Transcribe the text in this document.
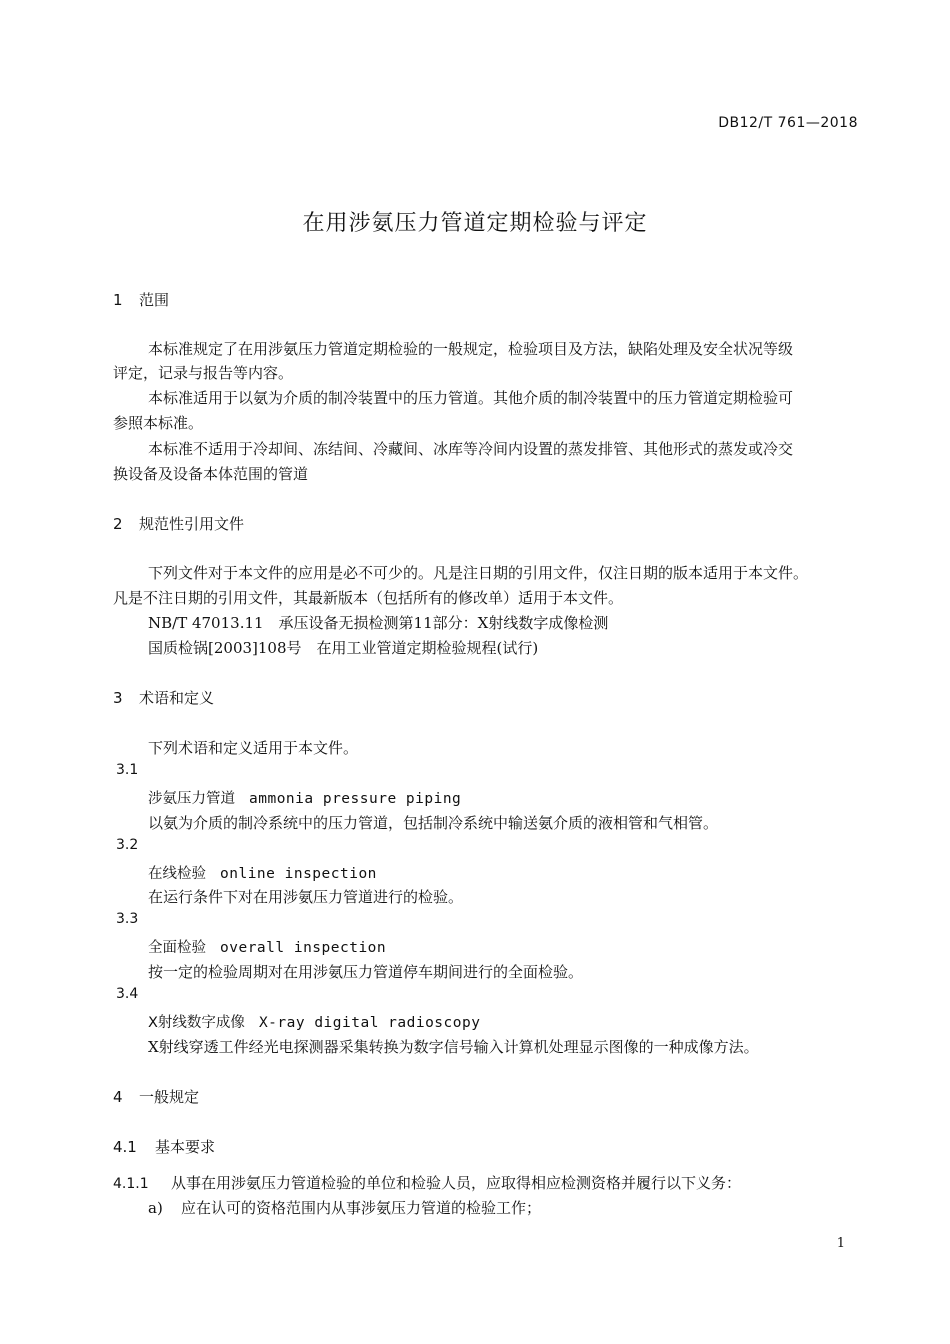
DB12/T 761—2018
在用涉氨压力管道定期检验与评定
1 范围
本标准规定了在用涉氨压力管道定期检验的一般规定，检验项目及方法，缺陷处理及安全状况等级
评定，记录与报告等内容。
本标准适用于以氨为介质的制冷装置中的压力管道。其他介质的制冷装置中的压力管道定期检验可
参照本标准。
本标准不适用于冷却间、冻结间、冷藏间、冰库等冷间内设置的蒸发排管、其他形式的蒸发或冷交
换设备及设备本体范围的管道
2 规范性引用文件
下列文件对于本文件的应用是必不可少的。凡是注日期的引用文件，仅注日期的版本适用于本文件。
凡是不注日期的引用文件，其最新版本（包括所有的修改单）适用于本文件。
NB/T 47013.11　承压设备无损检测第11部分：X射线数字成像检测
国质检锅[2003]108号　在用工业管道定期检验规程(试行)
3 术语和定义
下列术语和定义适用于本文件。
3.1
涉氨压力管道 ammonia pressure piping
以氨为介质的制冷系统中的压力管道，包括制冷系统中输送氨介质的液相管和气相管。
3.2
在线检验 online inspection
在运行条件下对在用涉氨压力管道进行的检验。
3.3
全面检验 overall inspection
按一定的检验周期对在用涉氨压力管道停车期间进行的全面检验。
3.4
X射线数字成像 X-ray digital radioscopy
X射线穿透工件经光电探测器采集转换为数字信号输入计算机处理显示图像的一种成像方法。
4 一般规定
4.1 基本要求
4.1.1 从事在用涉氨压力管道检验的单位和检验人员，应取得相应检测资格并履行以下义务：
a) 应在认可的资格范围内从事涉氨压力管道的检验工作；
1
